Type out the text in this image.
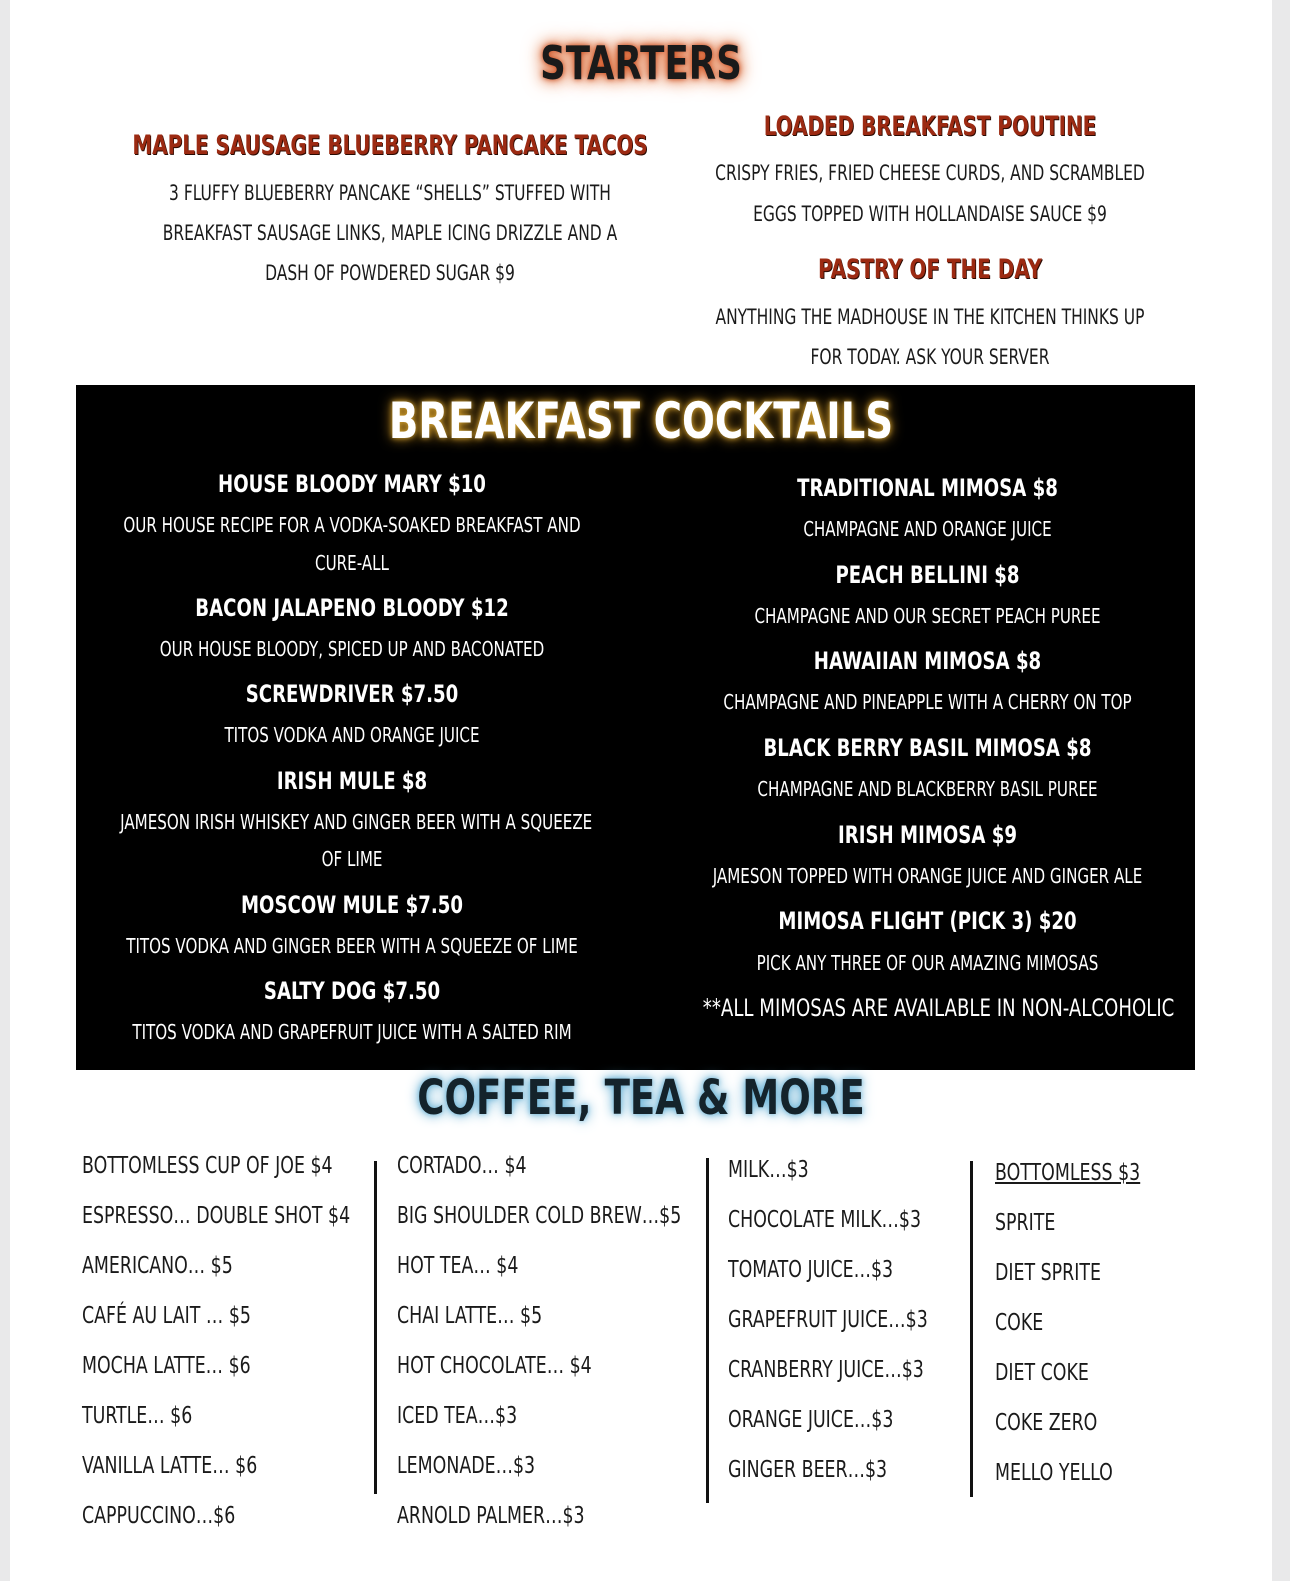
STARTERS
MAPLE SAUSAGE BLUEBERRY PANCAKE TACOS
3 FLUFFY BLUEBERRY PANCAKE “SHELLS” STUFFED WITH
BREAKFAST SAUSAGE LINKS, MAPLE ICING DRIZZLE AND A
DASH OF POWDERED SUGAR $9
LOADED BREAKFAST POUTINE
CRISPY FRIES, FRIED CHEESE CURDS, AND SCRAMBLED
EGGS TOPPED WITH HOLLANDAISE SAUCE $9
PASTRY OF THE DAY
ANYTHING THE MADHOUSE IN THE KITCHEN THINKS UP
FOR TODAY. ASK YOUR SERVER
BREAKFAST COCKTAILS
HOUSE BLOODY MARY $10
OUR HOUSE RECIPE FOR A VODKA-SOAKED BREAKFAST AND
CURE-ALL
BACON JALAPENO BLOODY $12
OUR HOUSE BLOODY, SPICED UP AND BACONATED
SCREWDRIVER $7.50
TITOS VODKA AND ORANGE JUICE
IRISH MULE $8
JAMESON IRISH WHISKEY AND GINGER BEER WITH A SQUEEZE
OF LIME
MOSCOW MULE $7.50
TITOS VODKA AND GINGER BEER WITH A SQUEEZE OF LIME
SALTY DOG $7.50
TITOS VODKA AND GRAPEFRUIT JUICE WITH A SALTED RIM
TRADITIONAL MIMOSA $8
CHAMPAGNE AND ORANGE JUICE
PEACH BELLINI $8
CHAMPAGNE AND OUR SECRET PEACH PUREE
HAWAIIAN MIMOSA $8
CHAMPAGNE AND PINEAPPLE WITH A CHERRY ON TOP
BLACK BERRY BASIL MIMOSA $8
CHAMPAGNE AND BLACKBERRY BASIL PUREE
IRISH MIMOSA $9
JAMESON TOPPED WITH ORANGE JUICE AND GINGER ALE
MIMOSA FLIGHT (PICK 3) $20
PICK ANY THREE OF OUR AMAZING MIMOSAS
**ALL MIMOSAS ARE AVAILABLE IN NON-ALCOHOLIC
COFFEE, TEA & MORE
BOTTOMLESS CUP OF JOE $4
ESPRESSO… DOUBLE SHOT $4
AMERICANO… $5
CAFÉ AU LAIT … $5
MOCHA LATTE… $6
TURTLE… $6
VANILLA LATTE… $6
CAPPUCCINO…$6
CORTADO… $4
BIG SHOULDER COLD BREW…$5
HOT TEA… $4
CHAI LATTE… $5
HOT CHOCOLATE… $4
ICED TEA…$3
LEMONADE…$3
ARNOLD PALMER…$3
MILK…$3
CHOCOLATE MILK…$3
TOMATO JUICE…$3
GRAPEFRUIT JUICE…$3
CRANBERRY JUICE…$3
ORANGE JUICE…$3
GINGER BEER…$3
BOTTOMLESS $3
SPRITE
DIET SPRITE
COKE
DIET COKE
COKE ZERO
MELLO YELLO
